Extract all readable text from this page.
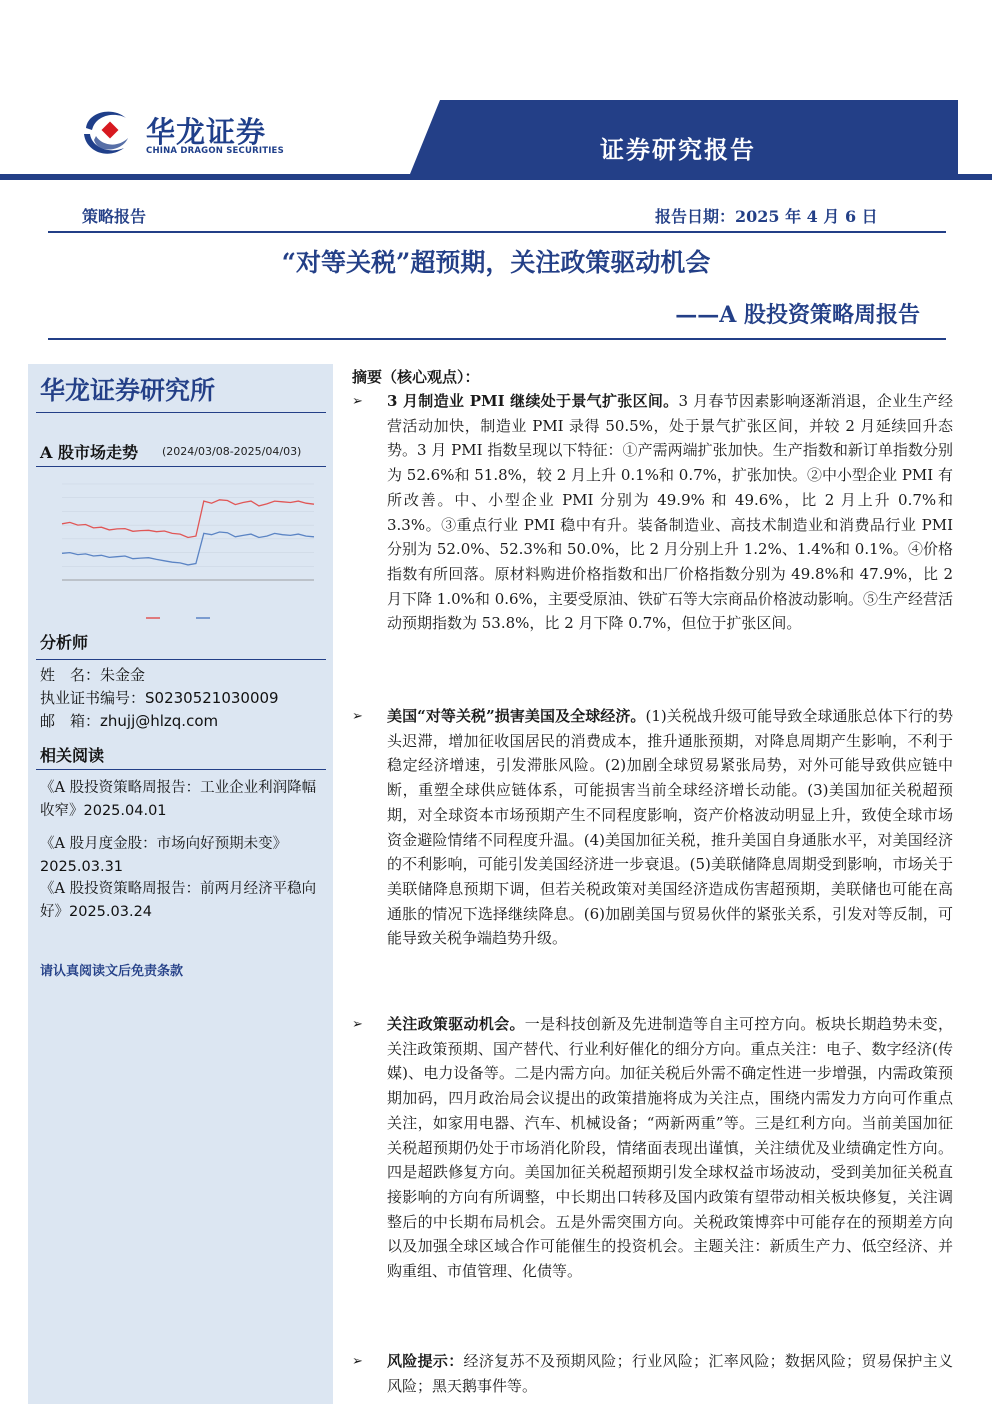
证券研究报告
华龙证券
CHINA DRAGON SECURITIES
策略报告	报告日期：2025 年 4 月 6 日
“对等关税”超预期，关注政策驱动机会
——A 股投资策略周报告
华龙证券研究所
A 股市场走势 (2024/03/08-2025/04/03)
分析师
姓　名：朱金金
执业证书编号：S0230521030009
邮　箱：zhujj@hlzq.com
相关阅读
《A 股投资策略周报告：工业企业利润降幅收窄》2025.04.01
《A 股月度金股：市场向好预期未变》
2025.03.31
《A 股投资策略周报告：前两月经济平稳向好》2025.03.24
请认真阅读文后免责条款
摘要（核心观点）：
➢ 3 月制造业 PMI 继续处于景气扩张区间。3 月春节因素影响逐渐消退，企业生产经营活动加快，制造业 PMI 录得 50.5%，处于景气扩张区间，并较 2 月延续回升态势。3 月 PMI 指数呈现以下特征：①产需两端扩张加快。生产指数和新订单指数分别为 52.6%和 51.8%，较 2 月上升 0.1%和 0.7%，扩张加快。②中小型企业 PMI 有所改善。中、小型企业 PMI 分别为 49.9% 和 49.6%，比 2 月上升 0.7%和 3.3%。③重点行业 PMI 稳中有升。装备制造业、高技术制造业和消费品行业 PMI 分别为 52.0%、52.3%和 50.0%，比 2 月分别上升 1.2%、1.4%和 0.1%。④价格指数有所回落。原材料购进价格指数和出厂价格指数分别为 49.8%和 47.9%，比 2 月下降 1.0%和 0.6%，主要受原油、铁矿石等大宗商品价格波动影响。⑤生产经营活动预期指数为 53.8%，比 2 月下降 0.7%，但位于扩张区间。
➢ 美国“对等关税”损害美国及全球经济。(1)关税战升级可能导致全球通胀总体下行的势头迟滞，增加征收国居民的消费成本，推升通胀预期，对降息周期产生影响，不利于稳定经济增速，引发滞胀风险。(2)加剧全球贸易紧张局势，对外可能导致供应链中断，重塑全球供应链体系，可能损害当前全球经济增长动能。(3)美国加征关税超预期，对全球资本市场预期产生不同程度影响，资产价格波动明显上升，致使全球市场资金避险情绪不同程度升温。(4)美国加征关税，推升美国自身通胀水平，对美国经济的不利影响，可能引发美国经济进一步衰退。(5)美联储降息周期受到影响，市场关于美联储降息预期下调，但若关税政策对美国经济造成伤害超预期，美联储也可能在高通胀的情况下选择继续降息。(6)加剧美国与贸易伙伴的紧张关系，引发对等反制，可能导致关税争端趋势升级。
➢ 关注政策驱动机会。一是科技创新及先进制造等自主可控方向。板块长期趋势未变，关注政策预期、国产替代、行业利好催化的细分方向。重点关注：电子、数字经济(传媒)、电力设备等。二是内需方向。加征关税后外需不确定性进一步增强，内需政策预期加码，四月政治局会议提出的政策措施将成为关注点，围绕内需发力方向可作重点关注，如家用电器、汽车、机械设备；“两新两重”等。三是红利方向。当前美国加征关税超预期仍处于市场消化阶段，情绪面表现出谨慎，关注绩优及业绩确定性方向。四是超跌修复方向。美国加征关税超预期引发全球权益市场波动，受到美加征关税直接影响的方向有所调整，中长期出口转移及国内政策有望带动相关板块修复，关注调整后的中长期布局机会。五是外需突围方向。关税政策博弈中可能存在的预期差方向以及加强全球区域合作可能催生的投资机会。主题关注：新质生产力、低空经济、并购重组、市值管理、化债等。
➢ 风险提示：经济复苏不及预期风险；行业风险；汇率风险；数据风险；贸易保护主义风险；黑天鹅事件等。
